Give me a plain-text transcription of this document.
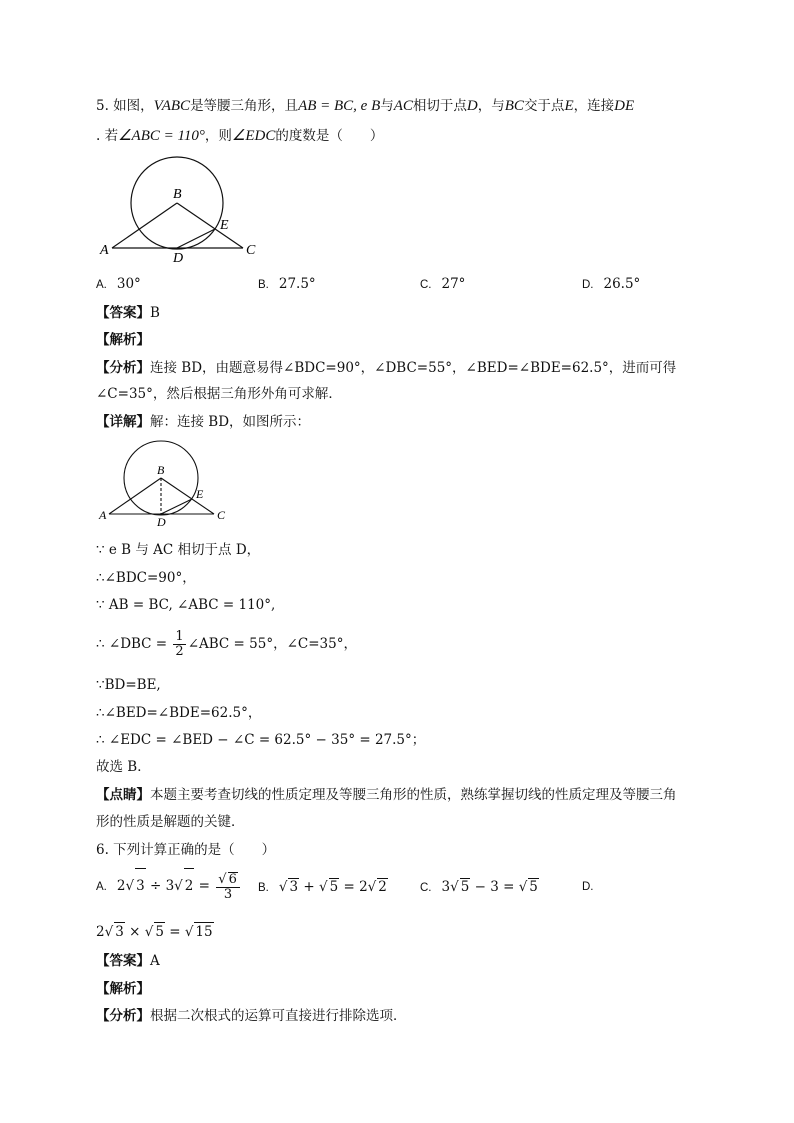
5. 如图，VABC是等腰三角形，且AB = BC, e B与AC相切于点D，与BC交于点E，连接DE
. 若∠ABC = 110°，则∠EDC的度数是（　　）
B
A	C
D
E
A. 30°	B. 27.5°	C. 27°	D. 26.5°
【答案】B
【解析】
【分析】连接 BD，由题意易得∠BDC=90°，∠DBC=55°，∠BED=∠BDE=62.5°，进而可得
∠C=35°，然后根据三角形外角可求解．
【详解】解：连接 BD，如图所示：
B
A	C
D
E
∵ e B 与 AC 相切于点 D，
∴∠BDC=90°，
∵ AB = BC, ∠ABC = 110°,
∴ ∠DBC = $\frac{1}{2}$ ∠ABC = 55°，∠C=35°，
∵BD=BE,
∴∠BED=∠BDE=62.5°，
∴ ∠EDC = ∠BED − ∠C = 62.5° − 35° = 27.5°；
故选 B．
【点睛】本题主要考查切线的性质定理及等腰三角形的性质，熟练掌握切线的性质定理及等腰三角
形的性质是解题的关键．
6. 下列计算正确的是（　　）
A. 2√ 3 ÷ 3√ $2 = \frac{√ 6}{3} B$. √ 3 + √ 5 = 2√ 2	C. 3√ 5 − 3 = √ 5	D.
2√ 3 × √ 5 = √ 15
【答案】A
【解析】
【分析】根据二次根式的运算可直接进行排除选项．
